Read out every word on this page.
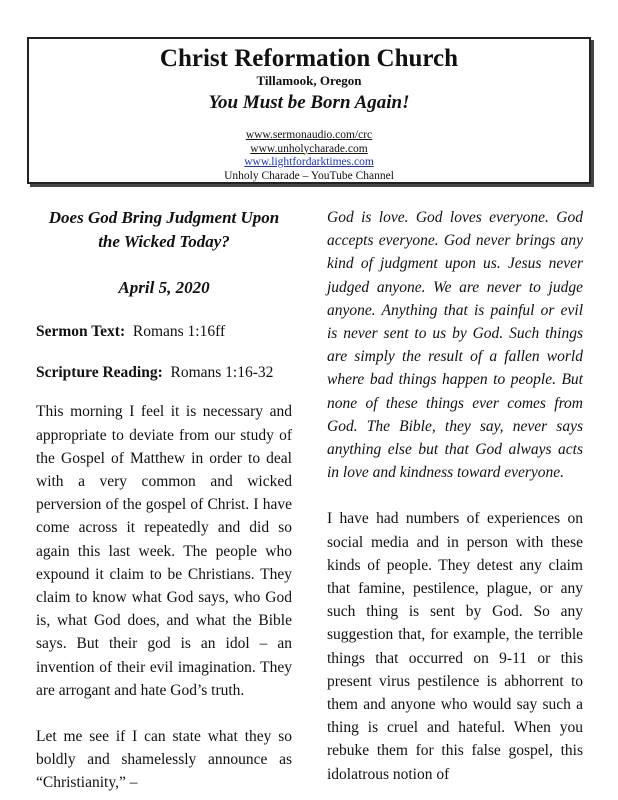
Christ Reformation Church
Tillamook, Oregon
You Must be Born Again!
www.sermonaudio.com/crc
www.unholycharade.com
www.lightfordarktimes.com
Unholy Charade – YouTube Channel
Does God Bring Judgment Upon the Wicked Today?
April 5, 2020
Sermon Text: Romans 1:16ff
Scripture Reading: Romans 1:16-32
This morning I feel it is necessary and appropriate to deviate from our study of the Gospel of Matthew in order to deal with a very common and wicked perversion of the gospel of Christ. I have come across it repeatedly and did so again this last week. The people who expound it claim to be Christians. They claim to know what God says, who God is, what God does, and what the Bible says. But their god is an idol – an invention of their evil imagination. They are arrogant and hate God’s truth.
Let me see if I can state what they so boldly and shamelessly announce as “Christianity,” –
God is love. God loves everyone. God accepts everyone. God never brings any kind of judgment upon us. Jesus never judged anyone. We are never to judge anyone. Anything that is painful or evil is never sent to us by God. Such things are simply the result of a fallen world where bad things happen to people. But none of these things ever comes from God. The Bible, they say, never says anything else but that God always acts in love and kindness toward everyone.
I have had numbers of experiences on social media and in person with these kinds of people. They detest any claim that famine, pestilence, plague, or any such thing is sent by God. So any suggestion that, for example, the terrible things that occurred on 9-11 or this present virus pestilence is abhorrent to them and anyone who would say such a thing is cruel and hateful. When you rebuke them for this false gospel, this idolatrous notion of
